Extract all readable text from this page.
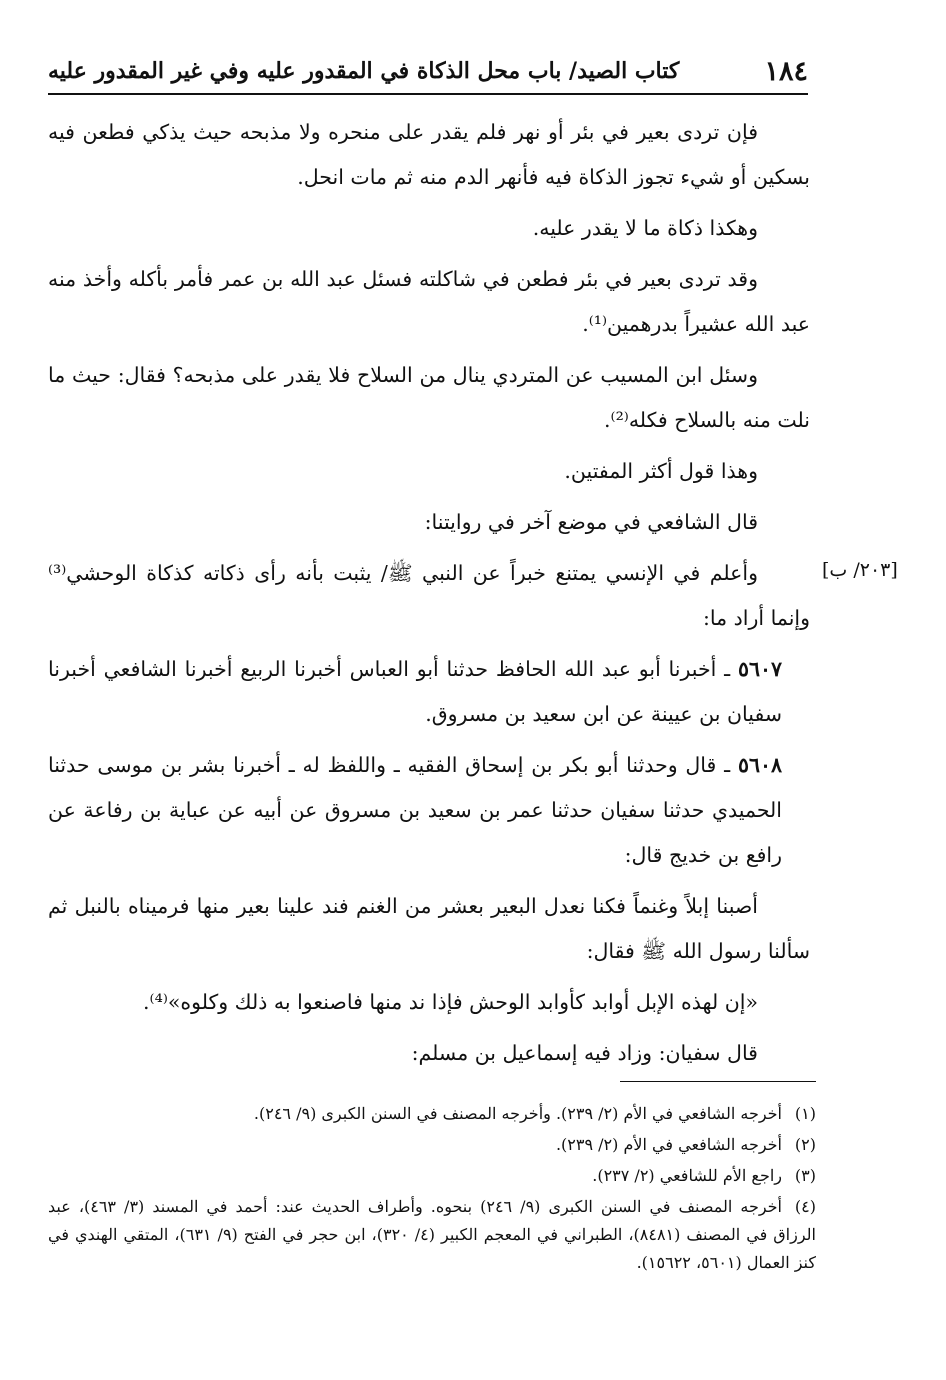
١٨٤
كتاب الصيد/ باب محل الذكاة في المقدور عليه وفي غير المقدور عليه
[٢٠٣/ ب]

فإن تردى بعير في بئر أو نهر فلم يقدر على منحره ولا مذبحه حيث يذكي فطعن فيه بسكين أو شيء تجوز الذكاة فيه فأنهر الدم منه ثم مات انحل.

وهكذا ذكاة ما لا يقدر عليه.

وقد تردى بعير في بئر فطعن في شاكلته فسئل عبد الله بن عمر فأمر بأكله وأخذ منه عبد الله عشيراً بدرهمين⁽¹⁾.

وسئل ابن المسيب عن المتردي ينال من السلاح فلا يقدر على مذبحه؟ فقال: حيث ما نلت منه بالسلاح فكله⁽²⁾.

وهذا قول أكثر المفتين.

قال الشافعي في موضع آخر في روايتنا:

وأعلم في الإنسي يمتنع خبراً عن النبي ﷺ/ يثبت بأنه رأى ذكاته كذكاة الوحشي⁽³⁾ وإنما أراد ما:

٥٦٠٧ ـ أخبرنا أبو عبد الله الحافظ حدثنا أبو العباس أخبرنا الربيع أخبرنا الشافعي أخبرنا سفيان بن عيينة عن ابن سعيد بن مسروق.

٥٦٠٨ ـ قال وحدثنا أبو بكر بن إسحاق الفقيه ـ واللفظ له ـ أخبرنا بشر بن موسى حدثنا الحميدي حدثنا سفيان حدثنا عمر بن سعيد بن مسروق عن أبيه عن عباية بن رفاعة عن رافع بن خديج قال:

أصبنا إبلاً وغنماً فكنا نعدل البعير بعشر من الغنم فند علينا بعير منها فرميناه بالنبل ثم سألنا رسول الله ﷺ فقال:

«إن لهذه الإبل أوابد كأوابد الوحش فإذا ند منها فاصنعوا به ذلك وكلوه»⁽⁴⁾.

قال سفيان: وزاد فيه إسماعيل بن مسلم:

(١)أخرجه الشافعي في الأم (٢/ ٢٣٩). وأخرجه المصنف في السنن الكبرى (٩/ ٢٤٦).
(٢)أخرجه الشافعي في الأم (٢/ ٢٣٩).
(٣)راجع الأم للشافعي (٢/ ٢٣٧).
(٤)أخرجه المصنف في السنن الكبرى (٩/ ٢٤٦) بنحوه. وأطراف الحديث عند: أحمد في المسند (٣/ ٤٦٣)، عبد الرزاق في المصنف (٨٤٨١)، الطبراني في المعجم الكبير (٤/ ٣٢٠)، ابن حجر في الفتح (٩/ ٦٣١)، المتقي الهندي في كنز العمال (٥٦٠١، ١٥٦٢٢).
